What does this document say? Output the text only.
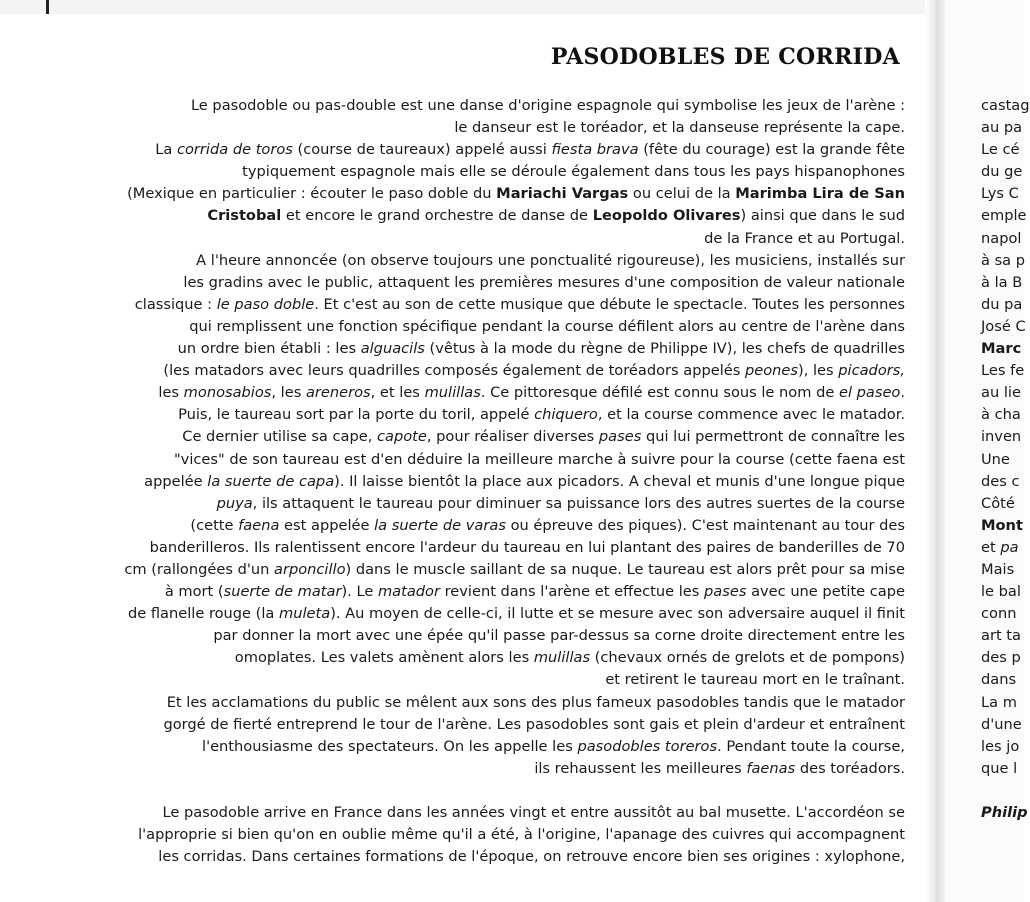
PASODOBLES DE CORRIDA
Le pasodoble ou pas-double est une danse d'origine espagnole qui symbolise les jeux de l'arène :
le danseur est le toréador, et la danseuse représente la cape.
La corrida de toros (course de taureaux) appelé aussi fiesta brava (fête du courage) est la grande fête
typiquement espagnole mais elle se déroule également dans tous les pays hispanophones
(Mexique en particulier : écouter le paso doble du Mariachi Vargas ou celui de la Marimba Lira de San
Cristobal et encore le grand orchestre de danse de Leopoldo Olivares) ainsi que dans le sud
de la France et au Portugal.
A l'heure annoncée (on observe toujours une ponctualité rigoureuse), les musiciens, installés sur
les gradins avec le public, attaquent les premières mesures d'une composition de valeur nationale
classique : le paso doble. Et c'est au son de cette musique que débute le spectacle. Toutes les personnes
qui remplissent une fonction spécifique pendant la course défilent alors au centre de l'arène dans
un ordre bien établi : les alguacils (vêtus à la mode du règne de Philippe IV), les chefs de quadrilles
(les matadors avec leurs quadrilles composés également de toréadors appelés peones), les picadors,
les monosabios, les areneros, et les mulillas. Ce pittoresque défilé est connu sous le nom de el paseo.
Puis, le taureau sort par la porte du toril, appelé chiquero, et la course commence avec le matador.
Ce dernier utilise sa cape, capote, pour réaliser diverses pases qui lui permettront de connaître les
"vices" de son taureau est d'en déduire la meilleure marche à suivre pour la course (cette faena est
appelée la suerte de capa). Il laisse bientôt la place aux picadors. A cheval et munis d'une longue pique
puya, ils attaquent le taureau pour diminuer sa puissance lors des autres suertes de la course
(cette faena est appelée la suerte de varas ou épreuve des piques). C'est maintenant au tour des
banderilleros. Ils ralentissent encore l'ardeur du taureau en lui plantant des paires de banderilles de 70
cm (rallongées d'un arponcillo) dans le muscle saillant de sa nuque. Le taureau est alors prêt pour sa mise
à mort (suerte de matar). Le matador revient dans l'arène et effectue les pases avec une petite cape
de flanelle rouge (la muleta). Au moyen de celle-ci, il lutte et se mesure avec son adversaire auquel il finit
par donner la mort avec une épée qu'il passe par-dessus sa corne droite directement entre les
omoplates. Les valets amènent alors les mulillas (chevaux ornés de grelots et de pompons)
et retirent le taureau mort en le traînant.
Et les acclamations du public se mêlent aux sons des plus fameux pasodobles tandis que le matador
gorgé de fierté entreprend le tour de l'arène. Les pasodobles sont gais et plein d'ardeur et entraînent
l'enthousiasme des spectateurs. On les appelle les pasodobles toreros. Pendant toute la course,
ils rehaussent les meilleures faenas des toréadors.
Le pasodoble arrive en France dans les années vingt et entre aussitôt au bal musette. L'accordéon se
l'approprie si bien qu'on en oublie même qu'il a été, à l'origine, l'apanage des cuivres qui accompagnent
les corridas. Dans certaines formations de l'époque, on retrouve encore bien ses origines : xylophone,
castag
au pa
Le cé
du ge
Lys C
emple
napol
à sa p
à la B
du pa
José C
Marc
Les fe
au lie
à cha
inven
Une
des c
Côté
Mont
et pa
Mais
le bal
conn
art ta
des p
dans
La m
d'une
les jo
que l
Philip
